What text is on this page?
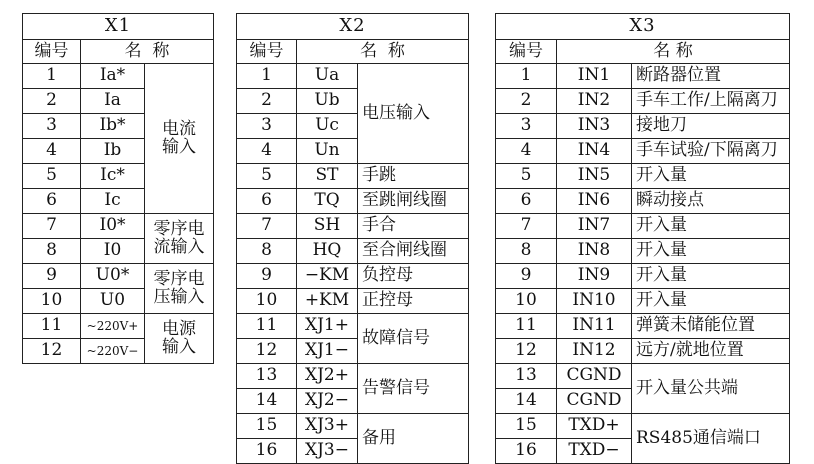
X1		
编号	名  称	
1	Ia*	电流
输入
2	Ia	
3	Ib*	
4	Ib	
5	Ic*	
6	Ic	
7	I0*	零序电
流输入
8	I0	
9	U0*	零序电
压输入
10	U0	
11	~220V+	电源
输入
12	~220V−	
X2		
编号	名  称	
1	Ua	电压输入
2	Ub	
3	Uc	
4	Un	
5	ST	手跳
6	TQ	至跳闸线圈
7	SH	手合
8	HQ	至合闸线圈
9	−KM	负控母
10	+KM	正控母
11	XJ1+	故障信号
12	XJ1−	
13	XJ2+	告警信号
14	XJ2−	
15	XJ3+	备用
16	XJ3−	
X3		
编号	名 称	
1	IN1	断路器位置
2	IN2	手车工作/上隔离刀
3	IN3	接地刀
4	IN4	手车试验/下隔离刀
5	IN5	开入量
6	IN6	瞬动接点
7	IN7	开入量
8	IN8	开入量
9	IN9	开入量
10	IN10	开入量
11	IN11	弹簧未储能位置
12	IN12	远方/就地位置
13	CGND	开入量公共端
14	CGND	
15	TXD+	RS485通信端口
16	TXD−	
